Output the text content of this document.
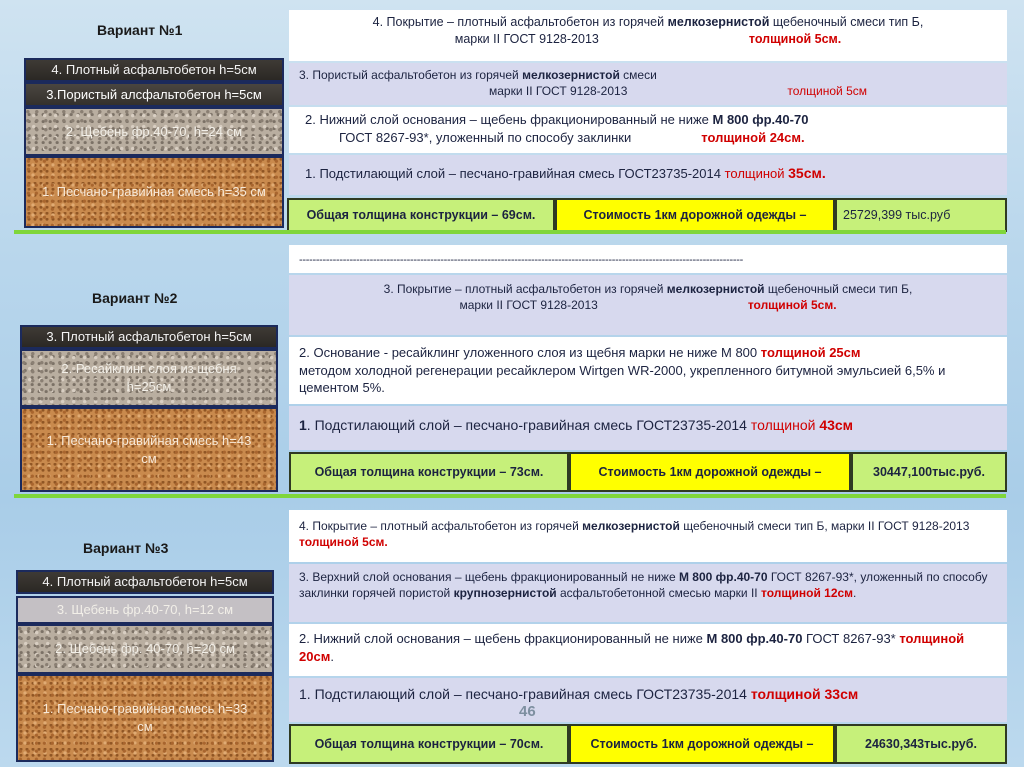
Вариант №1
4. Плотный асфальтобетон h=5см
3.Пористый алсфальтобетон h=5см
2. Щебень фр.40-70, h=24 см
1. Песчано-гравийная смесь h=35 см
4. Покрытие – плотный асфальтобетон из горячей мелкозернистой щебеночный смеси тип Б,
марки II ГОСТ 9128-2013	толщиной 5см.
3. Пористый асфальтобетон из горячей мелкозернистой смеси
марки II ГОСТ 9128-2013	толщиной 5см
2. Нижний слой основания – щебень фракционированный не ниже М 800 фр.40-70
ГОСТ 8267-93*, уложенный по способу заклинки	толщиной 24см.
1. Подстилающий слой – песчано-гравийная смесь ГОСТ23735-2014 толщиной 35см.
Общая толщина конструкции – 69см.	Стоимость 1км дорожной одежды –	25729,399 тыс.руб
------------------------------------------------------------------------------------------------------------------------------------
Вариант №2
3. Плотный асфальтобетон h=5см
2. Ресайклинг слоя из щебня h=25см
1. Песчано-гравийная смесь h=43 см
3. Покрытие – плотный асфальтобетон из горячей мелкозернистой щебеночный смеси тип Б,
марки II ГОСТ 9128-2013	толщиной 5см.
2. Основание - ресайклинг уложенного слоя из щебня марки не ниже М 800 толщиной 25см
методом холодной регенерации ресайклером Wirtgen WR-2000, укрепленного битумной эмульсией 6,5% и цементом 5%.
1. Подстилающий слой – песчано-гравийная смесь ГОСТ23735-2014 толщиной 43см
Общая толщина конструкции – 73см.	Стоимость 1км дорожной одежды –	30447,100тыс.руб.
Вариант №3
4. Плотный асфальтобетон h=5см
3. Щебень фр.40-70, h=12 см
2. Щебень фр. 40-70, h=20 см
1. Песчано-гравийная смесь h=33 см
4. Покрытие – плотный асфальтобетон из горячей мелкозернистой щебеночный смеси тип Б, марки II ГОСТ 9128-2013 толщиной 5см.
3. Верхний слой основания – щебень фракционированный не ниже М 800 фр.40-70 ГОСТ 8267-93*, уложенный по способу заклинки горячей пористой крупнозернистой асфальтобетонной смесью марки II толщиной 12см.
2. Нижний слой основания – щебень фракционированный не ниже М 800 фр.40-70 ГОСТ 8267-93* толщиной 20см.
1. Подстилающий слой – песчано-гравийная смесь ГОСТ23735-2014 толщиной 33см
46
Общая толщина конструкции – 70см.	Стоимость 1км дорожной одежды –	24630,343тыс.руб.
